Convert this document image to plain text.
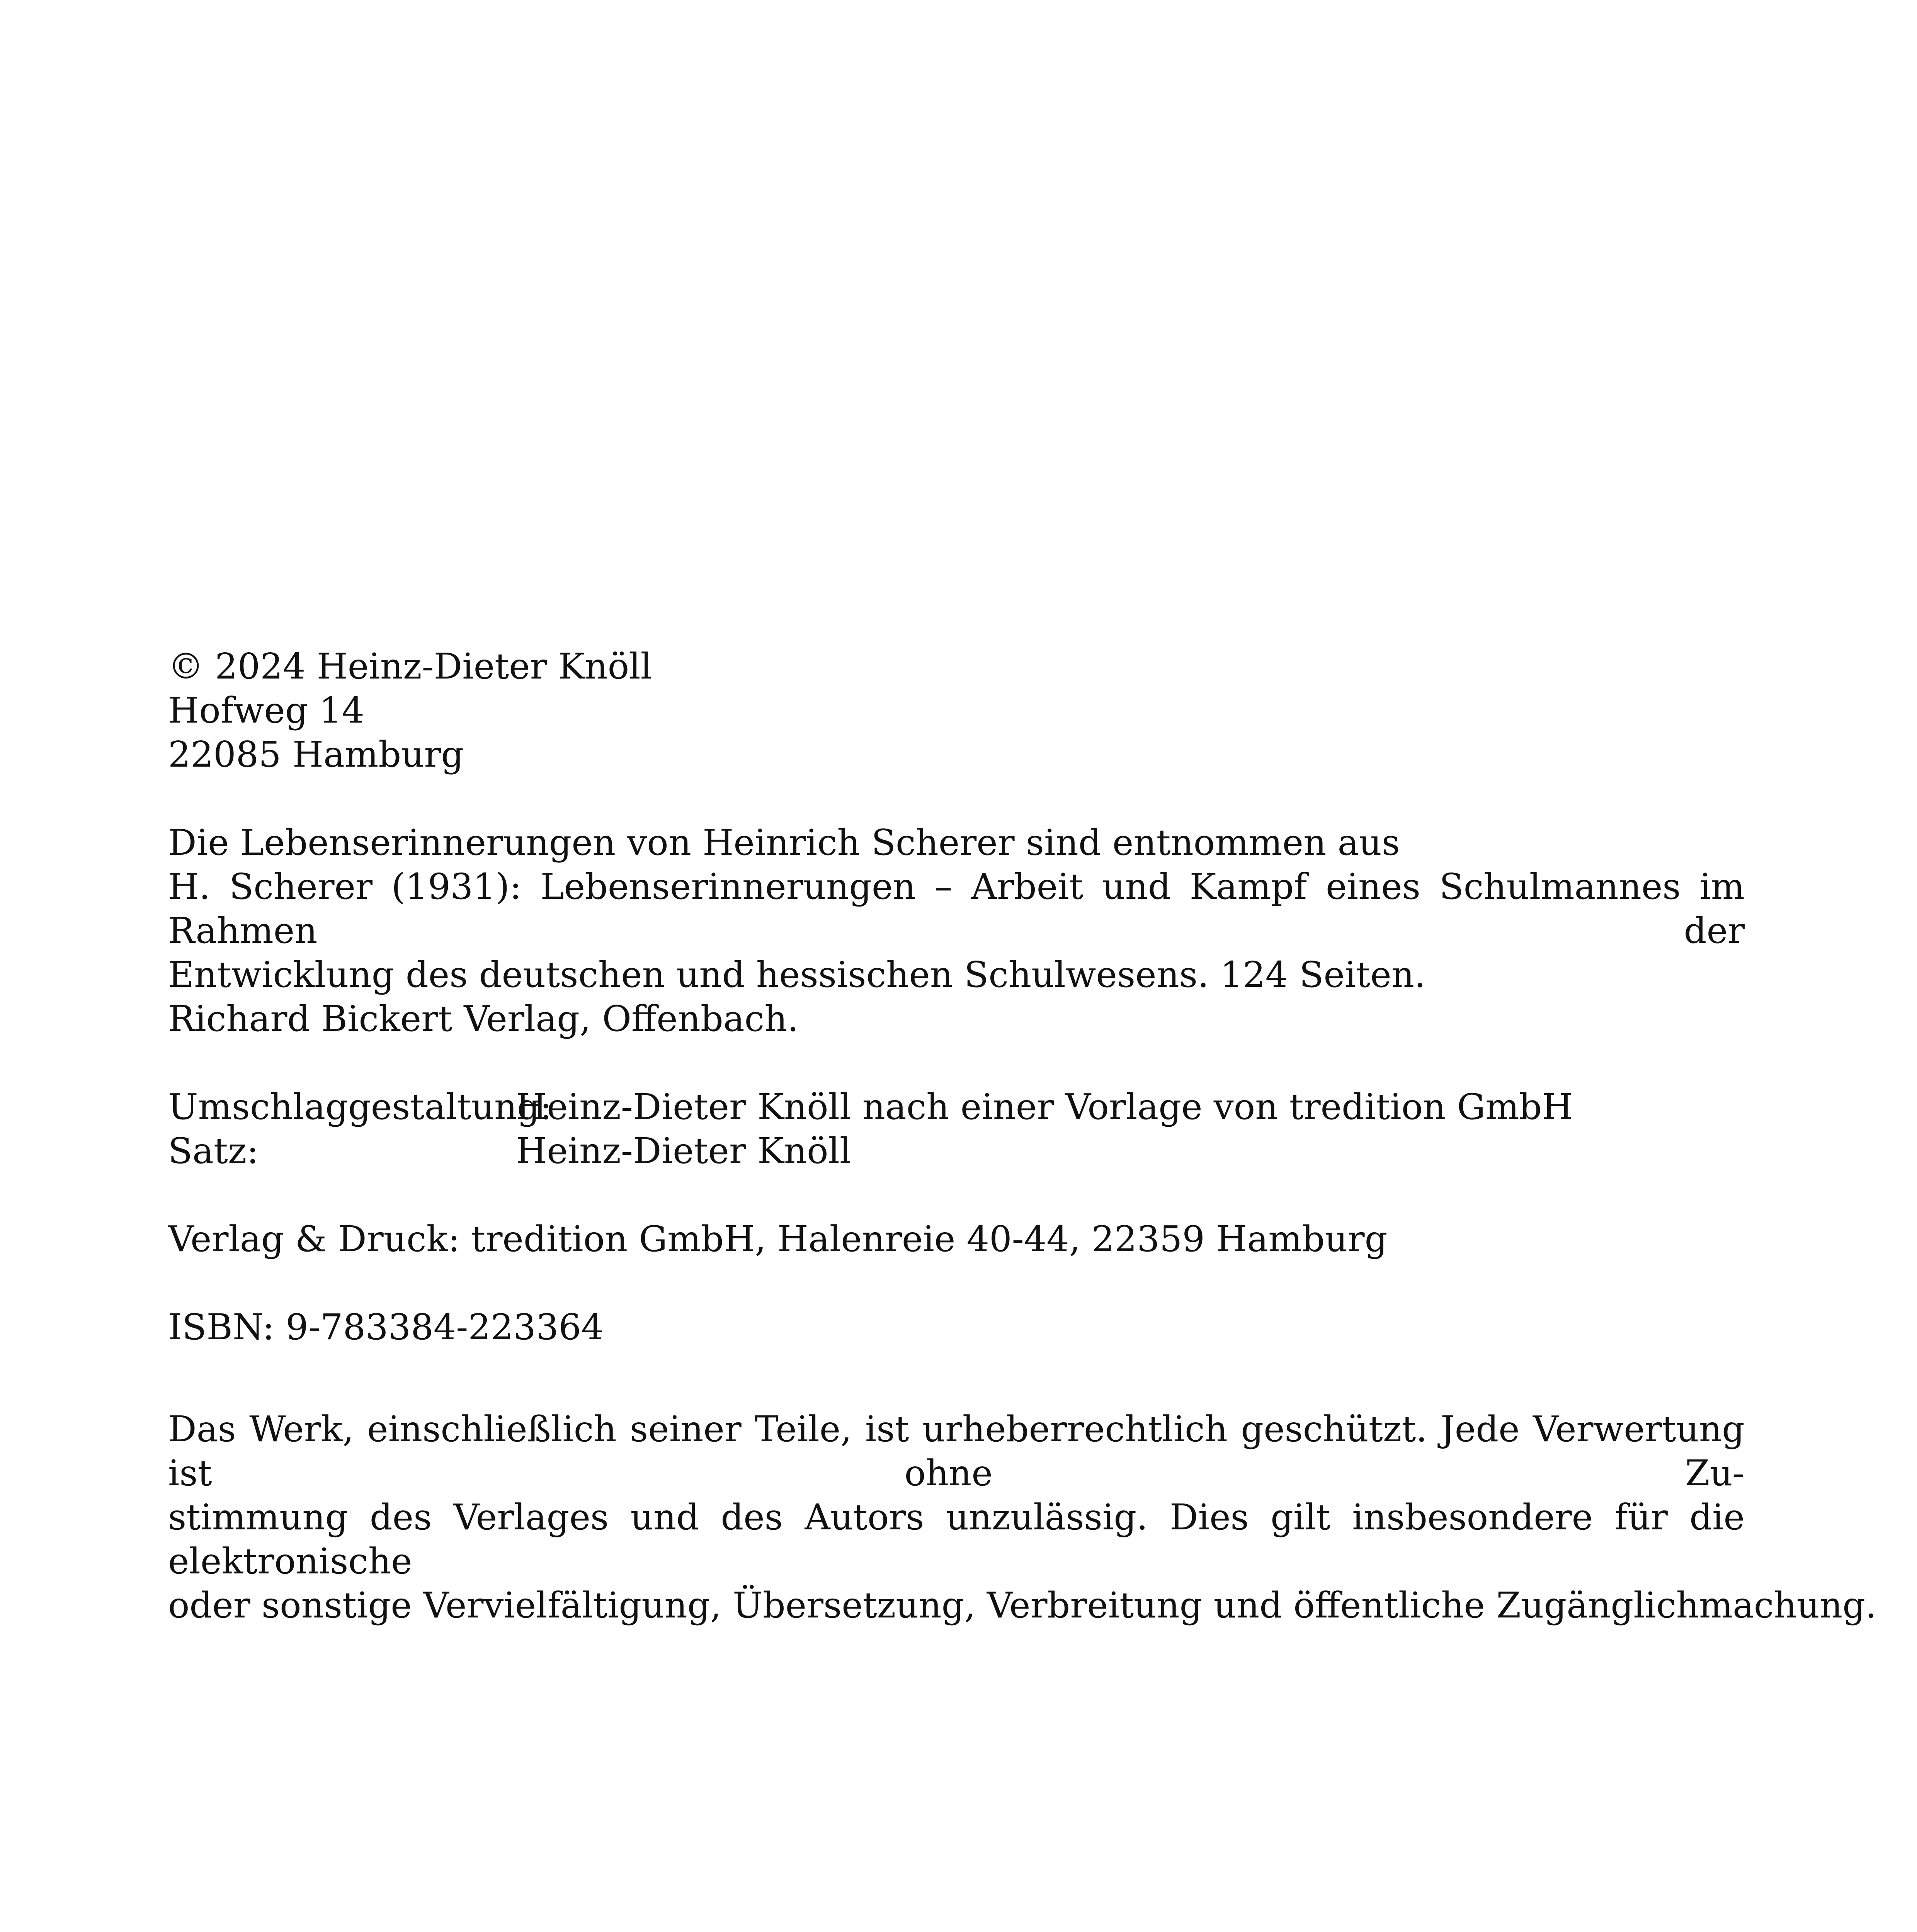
© 2024 Heinz-Dieter Knöll
Hofweg 14
22085 Hamburg
Die Lebenserinnerungen von Heinrich Scherer sind entnommen aus
H. Scherer (1931): Lebenserinnerungen – Arbeit und Kampf eines Schulmannes im Rahmen der
Entwicklung des deutschen und hessischen Schulwesens. 124 Seiten.
Richard Bickert Verlag, Offenbach.
Umschlaggestaltung:
Heinz-Dieter Knöll nach einer Vorlage von tredition GmbH
Satz:	Heinz-Dieter Knöll
Verlag & Druck: tredition GmbH, Halenreie 40-44, 22359 Hamburg
ISBN: 9-783384-223364
Das Werk, einschließlich seiner Teile, ist urheberrechtlich geschützt. Jede Verwertung ist ohne Zu-
stimmung des Verlages und des Autors unzulässig. Dies gilt insbesondere für die elektronische
oder sonstige Vervielfältigung, Übersetzung, Verbreitung und öffentliche Zugänglichmachung.
